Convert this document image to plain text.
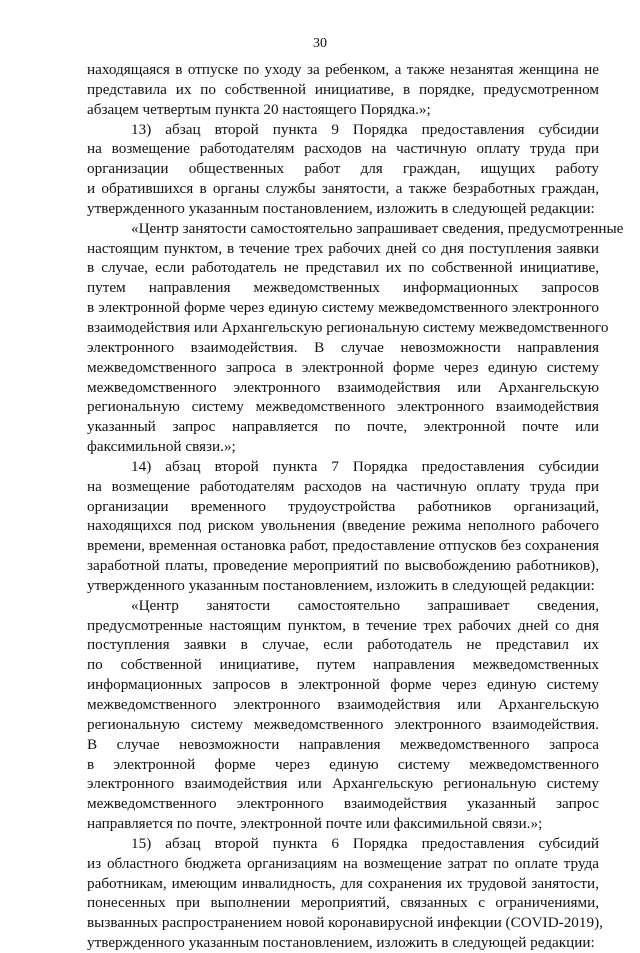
30
находящаяся в отпуске по уходу за ребенком, а также незанятая женщина не
представила их по собственной инициативе, в порядке, предусмотренном
абзацем четвертым пункта 20 настоящего Порядка.»;
13) абзац второй пункта 9 Порядка предоставления субсидии
на возмещение работодателям расходов на частичную оплату труда при
организации общественных работ для граждан, ищущих работу
и обратившихся в органы службы занятости, а также безработных граждан,
утвержденного указанным постановлением, изложить в следующей редакции:
«Центр занятости самостоятельно запрашивает сведения, предусмотренные
настоящим пунктом, в течение трех рабочих дней со дня поступления заявки
в случае, если работодатель не представил их по собственной инициативе,
путем направления межведомственных информационных запросов
в электронной форме через единую систему межведомственного электронного
взаимодействия или Архангельскую региональную систему межведомственного
электронного взаимодействия. В случае невозможности направления
межведомственного запроса в электронной форме через единую систему
межведомственного электронного взаимодействия или Архангельскую
региональную систему межведомственного электронного взаимодействия
указанный запрос направляется по почте, электронной почте или
факсимильной связи.»;
14) абзац второй пункта 7 Порядка предоставления субсидии
на возмещение работодателям расходов на частичную оплату труда при
организации временного трудоустройства работников организаций,
находящихся под риском увольнения (введение режима неполного рабочего
времени, временная остановка работ, предоставление отпусков без сохранения
заработной платы, проведение мероприятий по высвобождению работников),
утвержденного указанным постановлением, изложить в следующей редакции:
«Центр занятости самостоятельно запрашивает сведения,
предусмотренные настоящим пунктом, в течение трех рабочих дней со дня
поступления заявки в случае, если работодатель не представил их
по собственной инициативе, путем направления межведомственных
информационных запросов в электронной форме через единую систему
межведомственного электронного взаимодействия или Архангельскую
региональную систему межведомственного электронного взаимодействия.
В случае невозможности направления межведомственного запроса
в электронной форме через единую систему межведомственного
электронного взаимодействия или Архангельскую региональную систему
межведомственного электронного взаимодействия указанный запрос
направляется по почте, электронной почте или факсимильной связи.»;
15) абзац второй пункта 6 Порядка предоставления субсидий
из областного бюджета организациям на возмещение затрат по оплате труда
работникам, имеющим инвалидность, для сохранения их трудовой занятости,
понесенных при выполнении мероприятий, связанных с ограничениями,
вызванных распространением новой коронавирусной инфекции (COVID-2019),
утвержденного указанным постановлением, изложить в следующей редакции:
